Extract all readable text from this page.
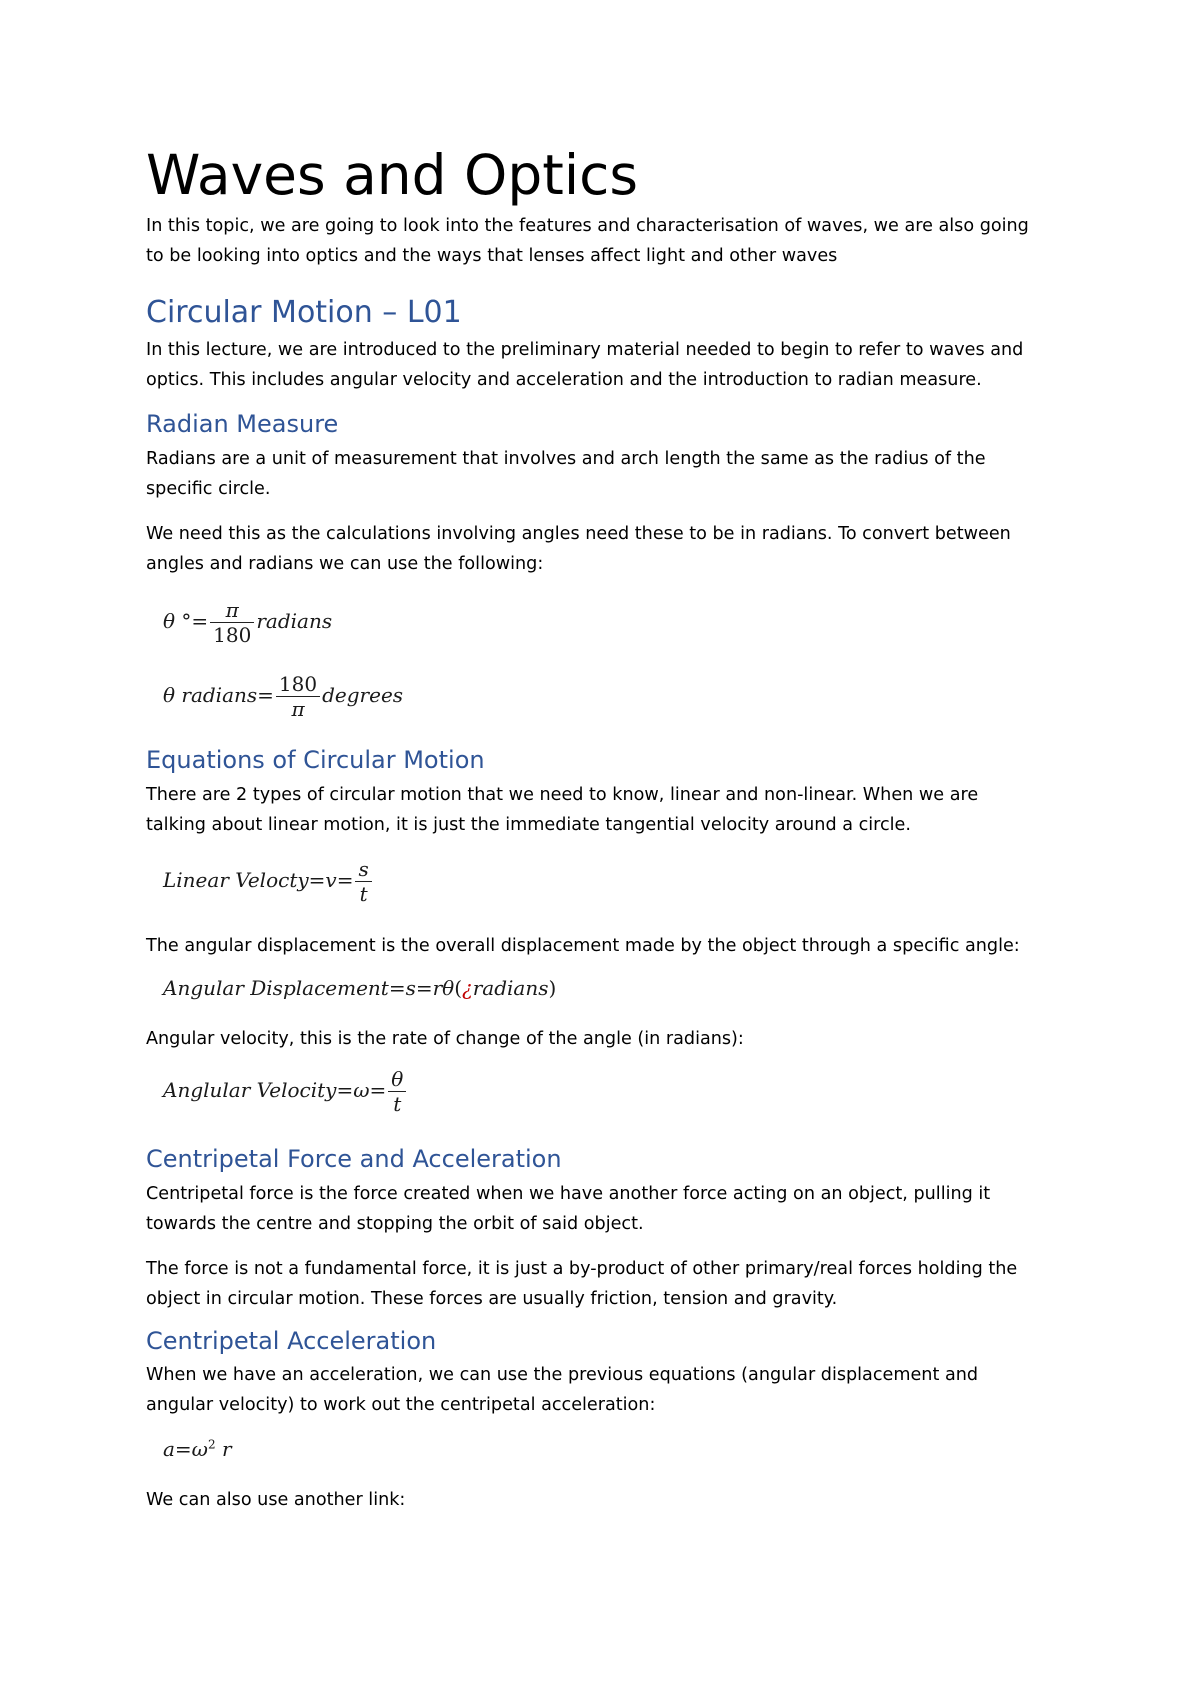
Waves and Optics

In this topic, we are going to look into the features and characterisation of waves, we are also going

to be looking into optics and the ways that lenses affect light and other waves

Circular Motion – L01

In this lecture, we are introduced to the preliminary material needed to begin to refer to waves and

optics. This includes angular velocity and acceleration and the introduction to radian measure.

Radian Measure

Radians are a unit of measurement that involves and arch length the same as the radius of the

specific circle.

We need this as the calculations involving angles need these to be in radians. To convert between

angles and radians we can use the following:

θ °= $\frac{\pi}{180}$ radians
θ radians= $\frac{180}{\pi}$ degrees
Equations of Circular Motion

There are 2 types of circular motion that we need to know, linear and non-linear. When we are

talking about linear motion, it is just the immediate tangential velocity around a circle.

Linear Velocty=v= $\frac{s}{t}$

The angular displacement is the overall displacement made by the object through a specific angle:

Angular Displacement=s=rθ(¿radians)

Angular velocity, this is the rate of change of the angle (in radians):

Anglular Velocity=ω= $\frac{\theta}{t}$
Centripetal Force and Acceleration

Centripetal force is the force created when we have another force acting on an object, pulling it

towards the centre and stopping the orbit of said object.

The force is not a fundamental force, it is just a by-product of other primary/real forces holding the

object in circular motion. These forces are usually friction, tension and gravity.

Centripetal Acceleration

When we have an acceleration, we can use the previous equations (angular displacement and

angular velocity) to work out the centripetal acceleration:

$a=\omega^2$ r

We can also use another link:
